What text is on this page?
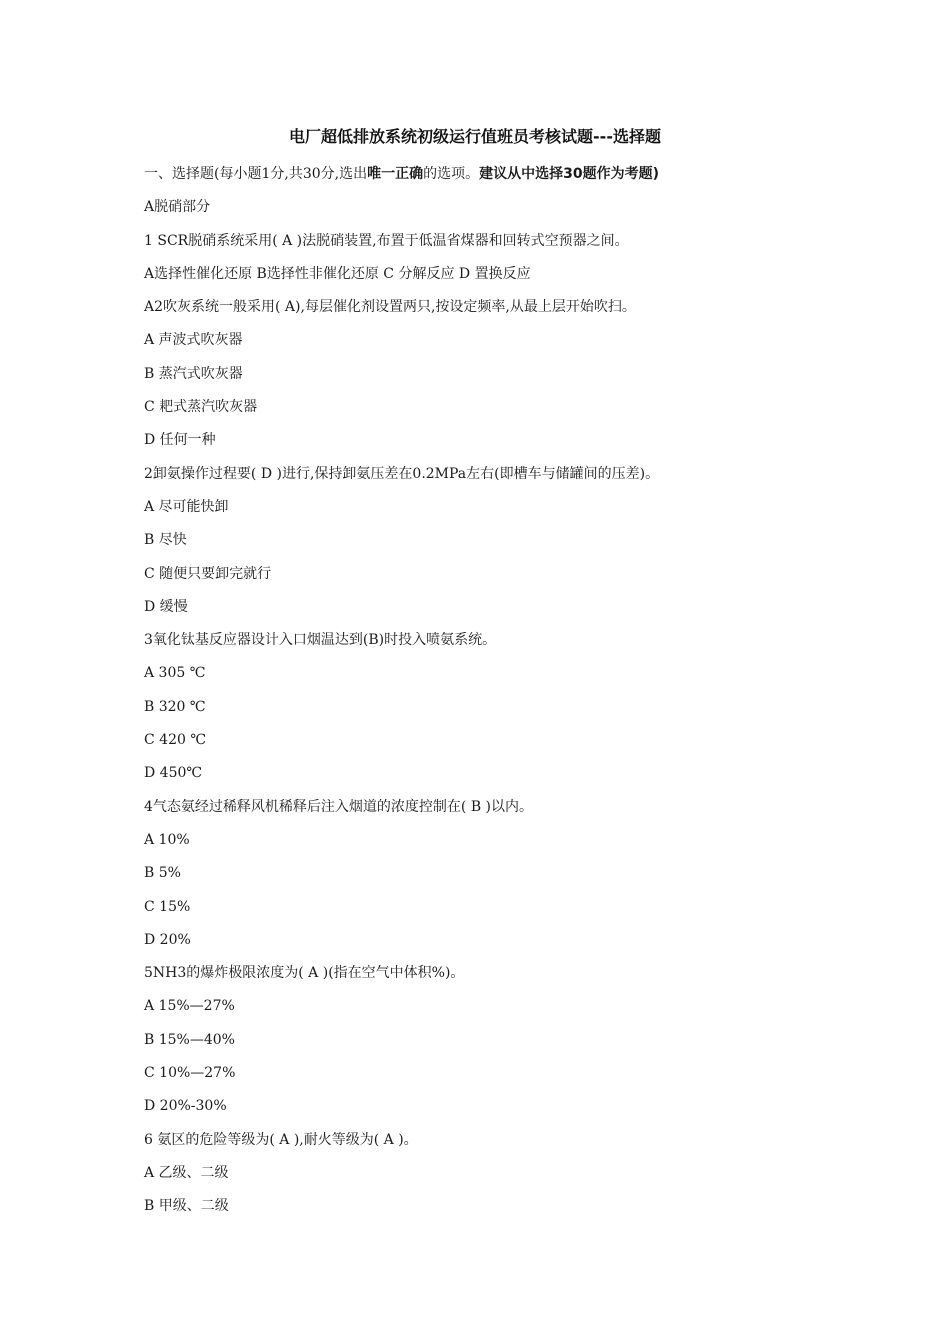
电厂超低排放系统初级运行值班员考核试题---选择题
一、选择题(每小题1分,共30分,选出唯一正确的选项。建议从中选择30题作为考题)
A脱硝部分
1 SCR脱硝系统采用( A )法脱硝装置,布置于低温省煤器和回转式空预器之间。
A选择性催化还原 B选择性非催化还原 C 分解反应 D 置换反应
A2吹灰系统一般采用( A),每层催化剂设置两只,按设定频率,从最上层开始吹扫。
A 声波式吹灰器
B 蒸汽式吹灰器
C 耙式蒸汽吹灰器
D 任何一种
2卸氨操作过程要( D )进行,保持卸氨压差在0.2MPa左右(即槽车与储罐间的压差)。
A 尽可能快卸
B 尽快
C 随便只要卸完就行
D 缓慢
3氧化钛基反应器设计入口烟温达到(B)时投入喷氨系统。
A 305 ℃
B 320 ℃
C 420 ℃
D 450℃
4气态氨经过稀释风机稀释后注入烟道的浓度控制在( B )以内。
A 10%
B 5%
C 15%
D 20%
5NH3的爆炸极限浓度为( A )(指在空气中体积%)。
A 15%—27%
B 15%—40%
C 10%—27%
D 20%-30%
6 氨区的危险等级为( A ),耐火等级为( A )。
A 乙级、二级
B 甲级、二级
